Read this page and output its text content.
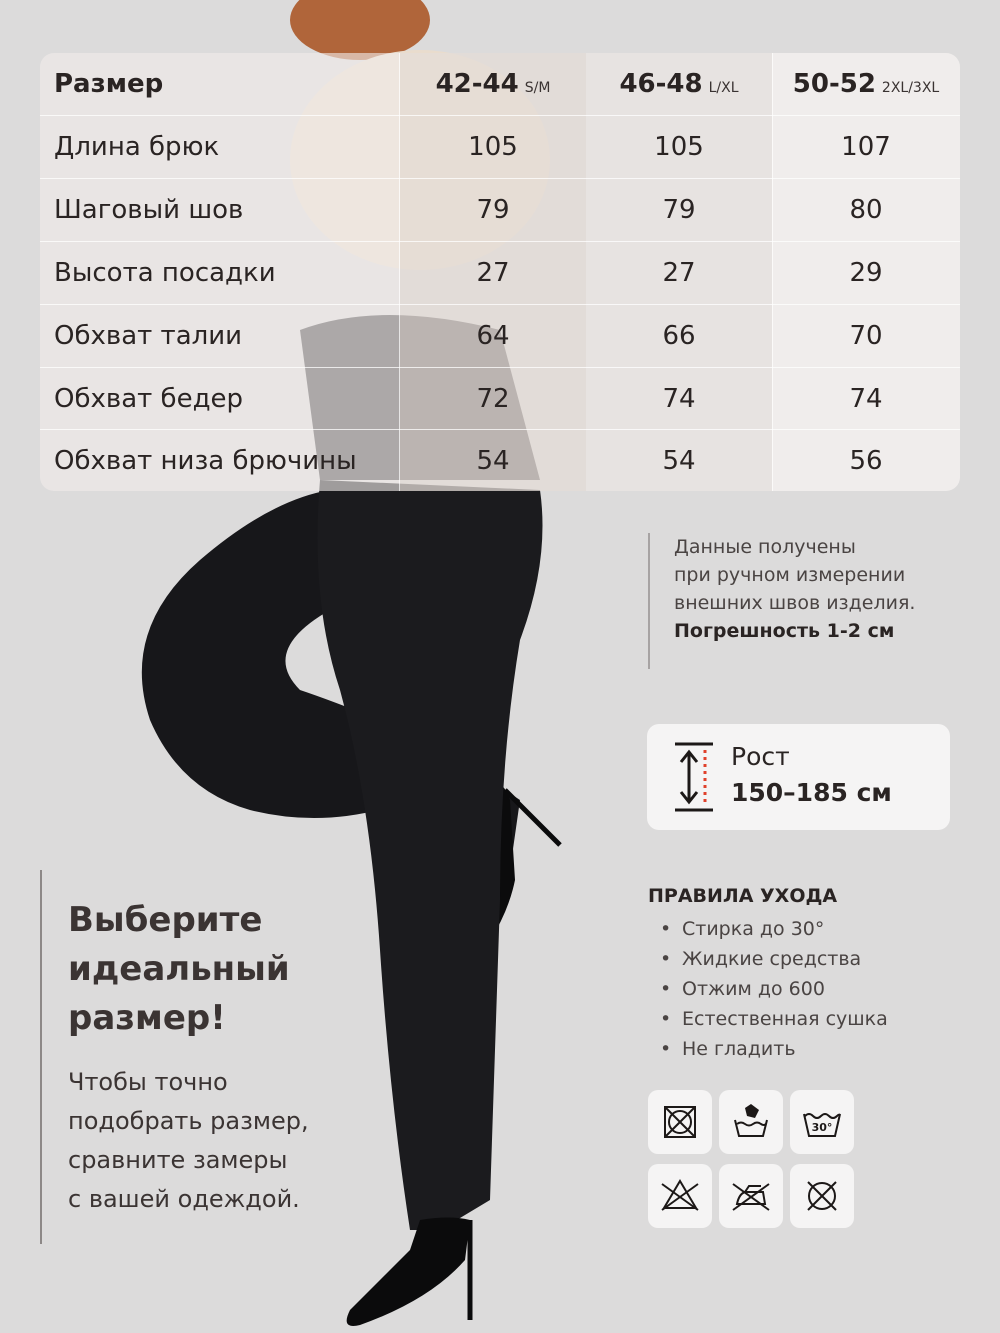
Размер	42-44 S/M	46-48 L/XL	50-52 2XL/3XL
Длина брюк	105	105	107
Шаговый шов	79	79	80
Высота посадки	27	27	29
Обхват талии	64	66	70
Обхват бедер	72	74	74
Обхват низа брючины	54	54	56
Данные получены
при ручном измерении
внешних швов изделия.
Погрешность 1-2 см
Рост
150–185 см
ПРАВИЛА УХОДА
• Стирка до 30°
• Жидкие средства
• Отжим до 600
• Естественная сушка
• Не гладить
30°
Выберите
идеальный
размер!
Чтобы точно
подобрать размер,
сравните замеры
с вашей одеждой.
